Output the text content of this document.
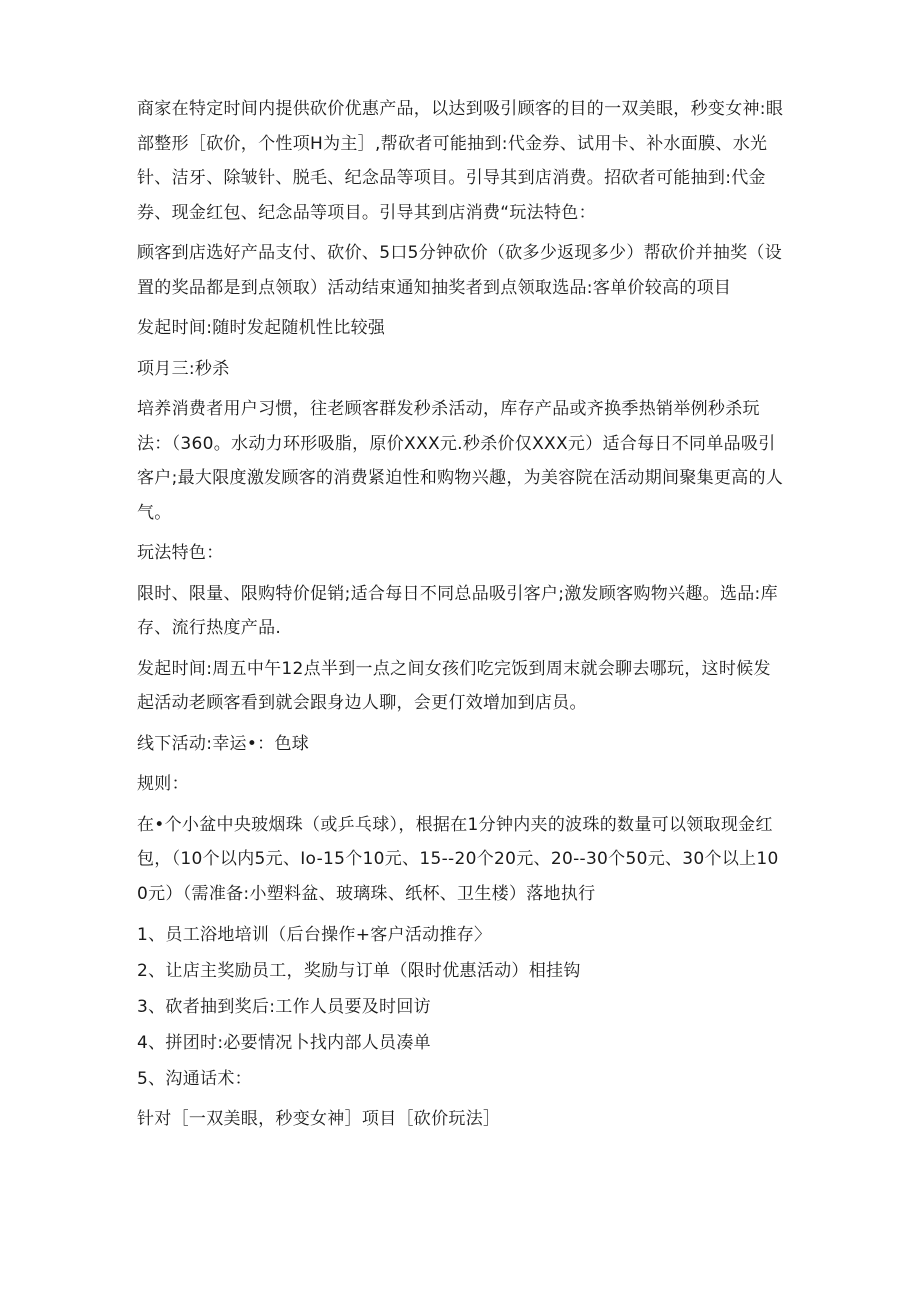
商家在特定时间内提供砍价优惠产品，以达到吸引顾客的目的一双美眼，秒变女神:眼部整形［砍价，个性项H为主］,帮砍者可能抽到:代金券、试用卡、补水面膜、水光针、洁牙、除皱针、脱毛、纪念品等项目。引导其到店消费。招砍者可能抽到:代金券、现金红包、纪念品等项目。引导其到店消费“玩法特色：

顾客到店选好产品支付、砍价、5口5分钟砍价（砍多少返现多少）帮砍价并抽奖（设置的奖品都是到点领取）活动结束通知抽奖者到点领取选品:客单价较高的项目

发起时间:随时发起随机性比较强

项月三:秒杀

培养消费者用户习惯，往老顾客群发秒杀活动，库存产品或齐换季热销举例秒杀玩法：（360。水动力环形吸脂，原价XXX元.秒杀价仅XXX元）适合每日不同单品吸引客户;最大限度激发顾客的消费紧迫性和购物兴趣，为美容院在活动期间聚集更高的人气。

玩法特色：

限时、限量、限购特价促销;适合每日不同总品吸引客户;激发顾客购物兴趣。选品:库存、流行热度产品.

发起时间:周五中午12点半到一点之间女孩们吃完饭到周末就会聊去哪玩，这时候发起活动老顾客看到就会跟身边人聊，会更仃效增加到店员。

线下活动:幸运•：色球

规则：

在•个小盆中央玻烟珠（或乒乓球），根据在1分钟内夹的波珠的数量可以领取现金红包，（10个以内5元、Io-15个10元、15--20个20元、20--30个50元、30个以上100元）（需准备:小塑料盆、玻璃珠、纸杯、卫生楼）落地执行

1、员工浴地培训（后台操作+客户活动推存〉
2、让店主奖励员工，奖励与订单（限时优惠活动）相挂钩
3、砍者抽到奖后:工作人员要及时回访
4、拼团时:必要情况卜找内部人员凑单
5、沟通话术：
针对［一双美眼，秒变女神］项目［砍价玩法］
